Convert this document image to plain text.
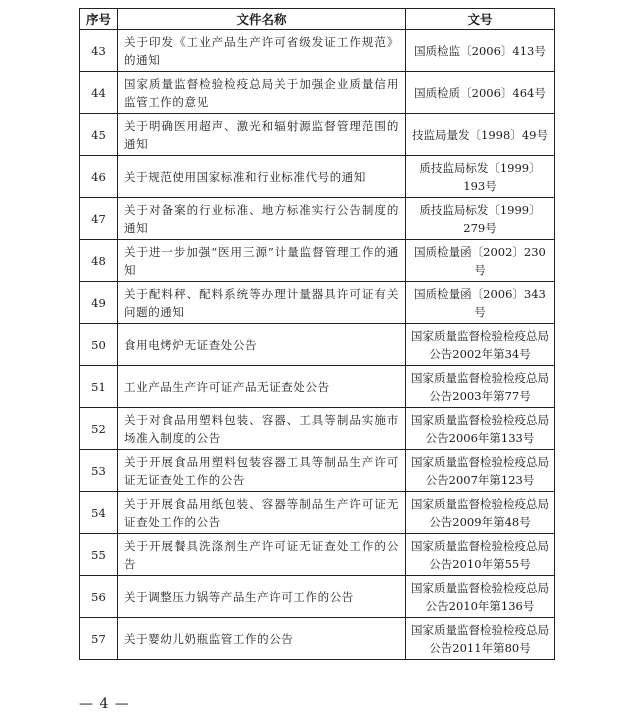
序号	文件名称	文号
43	关于印发《工业产品生产许可省级发证工作规范》的通知	国质检监〔2006〕413号
44	国家质量监督检验检疫总局关于加强企业质量信用监管工作的意见	国质检质〔2006〕464号
45	关于明确医用超声、激光和辐射源监督管理范围的通知	技监局量发〔1998〕49号
46	关于规范使用国家标准和行业标准代号的通知	质技监局标发〔1999〕193号
47	关于对备案的行业标准、地方标准实行公告制度的通知	质技监局标发〔1999〕279号
48	关于进一步加强“医用三源”计量监督管理工作的通知	国质检量函〔2002〕230号
49	关于配料秤、配料系统等办理计量器具许可证有关问题的通知	国质检量函〔2006〕343号
50	食用电烤炉无证查处公告	国家质量监督检验检疫总局公告2002年第34号
51	工业产品生产许可证产品无证查处公告	国家质量监督检验检疫总局公告2003年第77号
52	关于对食品用塑料包装、容器、工具等制品实施市场准入制度的公告	国家质量监督检验检疫总局公告2006年第133号
53	关于开展食品用塑料包装容器工具等制品生产许可证无证查处工作的公告	国家质量监督检验检疫总局公告2007年第123号
54	关于开展食品用纸包装、容器等制品生产许可证无证查处工作的公告	国家质量监督检验检疫总局公告2009年第48号
55	关于开展餐具洗涤剂生产许可证无证查处工作的公告	国家质量监督检验检疫总局公告2010年第55号
56	关于调整压力锅等产品生产许可工作的公告	国家质量监督检验检疫总局公告2010年第136号
57	关于婴幼儿奶瓶监管工作的公告	国家质量监督检验检疫总局公告2011年第80号
— 4 —
